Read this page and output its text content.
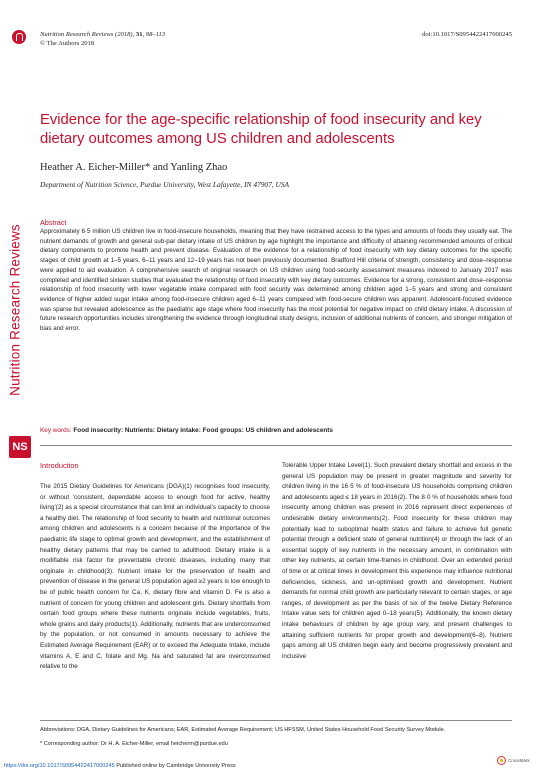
Nutrition Research Reviews
NS
Nutrition Research Reviews (2018), 31, 98–113	doi:10.1017/S0954422417000245
© The Authors 2018
Evidence for the age-specific relationship of food insecurity and key dietary outcomes among US children and adolescents
Heather A. Eicher-Miller* and Yanling Zhao
Department of Nutrition Science, Purdue University, West Lafayette, IN 47907, USA
Abstract

Approximately 6·5 million US children live in food-insecure households, meaning that they have restrained access to the types and amounts of foods they usually eat. The nutrient demands of growth and general sub-par dietary intake of US children by age highlight the importance and difficulty of attaining recommended amounts of critical dietary components to promote health and prevent disease. Evaluation of the evidence for a relationship of food insecurity with key dietary outcomes for the specific stages of child growth at 1–5 years, 6–11 years and 12–19 years has not been previously documented. Bradford Hill criteria of strength, consistency and dose–response were applied to aid evaluation. A comprehensive search of original research on US children using food-security assessment measures indexed to January 2017 was completed and identified sixteen studies that evaluated the relationship of food insecurity with key dietary outcomes. Evidence for a strong, consistent and dose–response relationship of food insecurity with lower vegetable intake compared with food security was determined among children aged 1–5 years and strong and consistent evidence of higher added sugar intake among food-insecure children aged 6–11 years compared with food-secure children was apparent. Adolescent-focused evidence was sparse but revealed adolescence as the paediatric age stage where food insecurity has the most potential for negative impact on child dietary intake. A discussion of future research opportunities includes strengthening the evidence through longitudinal study designs, inclusion of additional nutrients of concern, and stronger mitigation of bias and error.

Key words: Food insecurity: Nutrients: Dietary intake: Food groups: US children and adolescents
Introduction

The 2015 Dietary Guidelines for Americans (DGA)(1) recognises food insecurity, or without ‘consistent, dependable access to enough food for active, healthy living’(2) as a special circumstance that can limit an individual’s capacity to choose a healthy diet. The relationship of food security to health and nutritional outcomes among children and adolescents is a concern because of the importance of the paediatric life stage to optimal growth and development, and the establishment of healthy dietary patterns that may be carried to adulthood. Dietary intake is a modifiable risk factor for preventable chronic diseases, including many that originate in childhood(3). Nutrient intake for the preservation of health and prevention of disease in the general US population aged ≥2 years is low enough to be of public health concern for Ca, K, dietary fibre and vitamin D. Fe is also a nutrient of concern for young children and adolescent girls. Dietary shortfalls from certain food groups where these nutrients originate include vegetables, fruits, whole grains and dairy products(1). Additionally, nutrients that are underconsumed by the population, or not consumed in amounts necessary to achieve the Estimated Average Requirement (EAR) or to exceed the Adequate Intake, include vitamins A, E and C, folate and Mg. Na and saturated fat are overconsumed relative to the

Tolerable Upper Intake Level(1). Such prevalent dietary shortfall and excess in the general US population may be present in greater magnitude and severity for children living in the 16·5 % of food-insecure US households comprising children and adolescents aged ≤ 18 years in 2016(2). The 8·0 % of households where food insecurity among children was present in 2016 represent direct experiences of undesirable dietary environments(2). Food insecurity for these children may potentially lead to suboptimal health status and failure to achieve full genetic potential through a deficient state of general nutrition(4) or through the lack of an essential supply of key nutrients in the necessary amount, in combination with other key nutrients, at certain time-frames in childhood. Over an extended period of time or at critical times in development this experience may influence nutritional deficiencies, sickness, and un-optimised growth and development. Nutrient demands for normal child growth are particularly relevant to certain stages, or age ranges, of development as per the basis of six of the twelve Dietary Reference Intake value sets for children aged 0–18 years(5). Additionally, the known dietary intake behaviours of children by age group vary, and present challenges to attaining sufficient nutrients for proper growth and development(6–8). Nutrient gaps among all US children begin early and become progressively prevalent and inclusive

Abbreviations: DGA, Dietary Guidelines for Americans; EAR, Estimated Average Requirement; US HFSSM, United States Household Food Security Survey Module.
* Corresponding author: Dr H. A. Eicher-Miller, email heicherm@purdue.edu
https://doi.org/10.1017/S0954422417000245 Published online by Cambridge University Press
CrossMark
